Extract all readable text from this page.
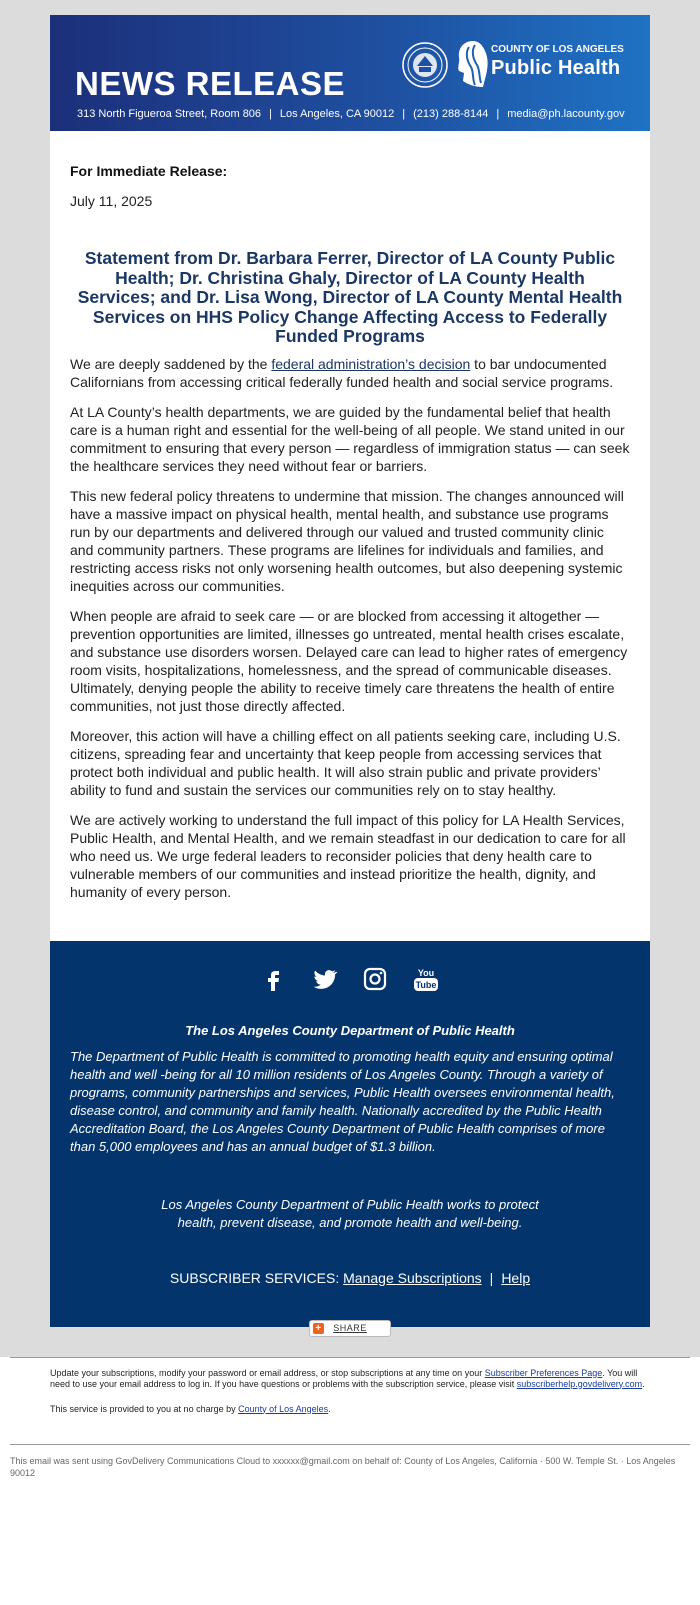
NEWS RELEASE
313 North Figueroa Street, Room 806 | Los Angeles, CA 90012 | (213) 288-8144 | media@ph.lacounty.gov
COUNTY OF LOS ANGELES
Public Health

For Immediate Release:

July 11, 2025

Statement from Dr. Barbara Ferrer, Director of LA County Public Health; Dr. Christina Ghaly, Director of LA County Health Services; and Dr. Lisa Wong, Director of LA County Mental Health Services on HHS Policy Change Affecting Access to Federally Funded Programs

We are deeply saddened by the federal administration’s decision to bar undocumented Californians from accessing critical federally funded health and social service programs.

At LA County’s health departments, we are guided by the fundamental belief that health care is a human right and essential for the well-being of all people. We stand united in our commitment to ensuring that every person — regardless of immigration status — can seek the healthcare services they need without fear or barriers.

This new federal policy threatens to undermine that mission. The changes announced will have a massive impact on physical health, mental health, and substance use programs run by our departments and delivered through our valued and trusted community clinic and community partners. These programs are lifelines for individuals and families, and restricting access risks not only worsening health outcomes, but also deepening systemic inequities across our communities.

When people are afraid to seek care — or are blocked from accessing it altogether — prevention opportunities are limited, illnesses go untreated, mental health crises escalate, and substance use disorders worsen. Delayed care can lead to higher rates of emergency room visits, hospitalizations, homelessness, and the spread of communicable diseases. Ultimately, denying people the ability to receive timely care threatens the health of entire communities, not just those directly affected.

Moreover, this action will have a chilling effect on all patients seeking care, including U.S. citizens, spreading fear and uncertainty that keep people from accessing services that protect both individual and public health. It will also strain public and private providers’ ability to fund and sustain the services our communities rely on to stay healthy.

We are actively working to understand the full impact of this policy for LA Health Services, Public Health, and Mental Health, and we remain steadfast in our dedication to care for all who need us. We urge federal leaders to reconsider policies that deny health care to vulnerable members of our communities and instead prioritize the health, dignity, and humanity of every person.

You
Tube

The Los Angeles County Department of Public Health

The Department of Public Health is committed to promoting health equity and ensuring optimal health and well -being for all 10 million residents of Los Angeles County. Through a variety of programs, community partnerships and services, Public Health oversees environmental health, disease control, and community and family health. Nationally accredited by the Public Health Accreditation Board, the Los Angeles County Department of Public Health comprises of more than 5,000 employees and has an annual budget of $1.3 billion.

Los Angeles County Department of Public Health works to protect health, prevent disease, and promote health and well-being.

SUBSCRIBER SERVICES: Manage Subscriptions | Help

+ SHARE

Update your subscriptions, modify your password or email address, or stop subscriptions at any time on your Subscriber Preferences Page. You will need to use your email address to log in. If you have questions or problems with the subscription service, please visit subscriberhelp.govdelivery.com.

This service is provided to you at no charge by County of Los Angeles.

This email was sent using GovDelivery Communications Cloud to xxxxxx@gmail.com on behalf of: County of Los Angeles, California · 500 W. Temple St. · Los Angeles 90012
